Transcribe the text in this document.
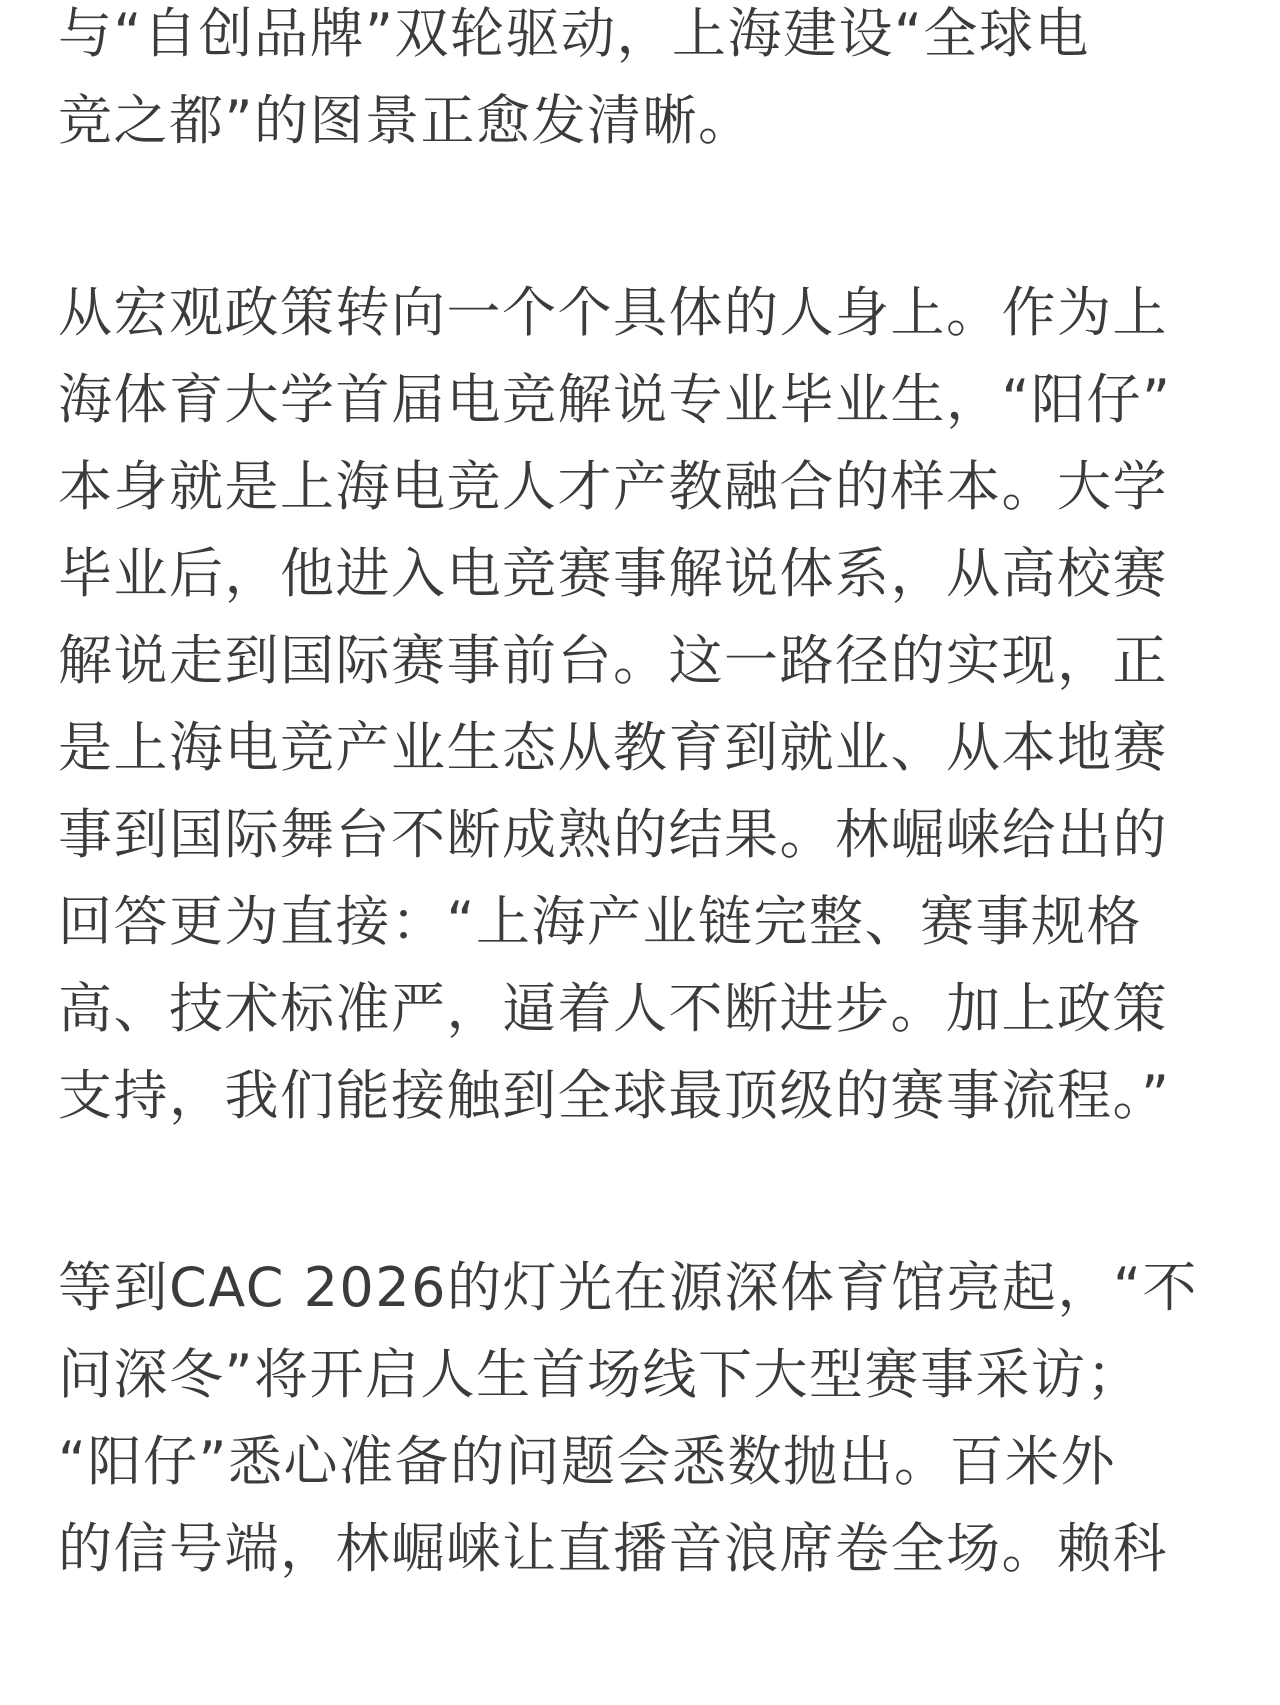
与“自创品牌”双轮驱动，上海建设“全球电
竞之都”的图景正愈发清晰。
从宏观政策转向一个个具体的人身上。作为上
海体育大学首届电竞解说专业毕业生，“阳仔”
本身就是上海电竞人才产教融合的样本。大学
毕业后，他进入电竞赛事解说体系，从高校赛
解说走到国际赛事前台。这一路径的实现，正
是上海电竞产业生态从教育到就业、从本地赛
事到国际舞台不断成熟的结果。林崛崃给出的
回答更为直接：“上海产业链完整、赛事规格
高、技术标准严，逼着人不断进步。加上政策
支持，我们能接触到全球最顶级的赛事流程。”
等到CAC 2026的灯光在源深体育馆亮起，“不
问深冬”将开启人生首场线下大型赛事采访；
“阳仔”悉心准备的问题会悉数抛出。百米外
的信号端，林崛崃让直播音浪席卷全场。赖科
